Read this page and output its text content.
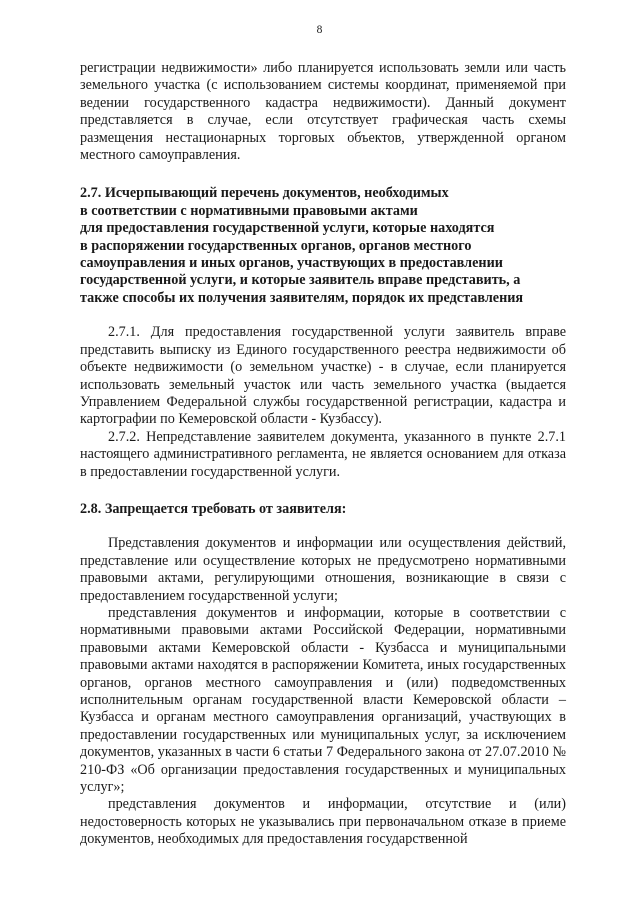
8

регистрации недвижимости» либо планируется использовать земли или часть земельного участка (с использованием системы координат, применяемой при ведении государственного кадастра недвижимости). Данный документ представляется в случае, если отсутствует графическая часть схемы размещения нестационарных торговых объектов, утвержденной органом местного самоуправления.

2.7. Исчерпывающий перечень документов, необходимых

в соответствии с нормативными правовыми актами

для предоставления государственной услуги, которые находятся

в распоряжении государственных органов, органов местного

самоуправления и иных органов, участвующих в предоставлении

государственной услуги, и которые заявитель вправе представить, а

также способы их получения заявителям, порядок их представления

2.7.1. Для предоставления государственной услуги заявитель вправе представить выписку из Единого государственного реестра недвижимости об объекте недвижимости (о земельном участке) - в случае, если планируется использовать земельный участок или часть земельного участка (выдается Управлением Федеральной службы государственной регистрации, кадастра и картографии по Кемеровской области - Кузбассу).

2.7.2. Непредставление заявителем документа, указанного в пункте 2.7.1 настоящего административного регламента, не является основанием для отказа в предоставлении государственной услуги.

2.8. Запрещается требовать от заявителя:

Представления документов и информации или осуществления действий, представление или осуществление которых не предусмотрено нормативными правовыми актами, регулирующими отношения, возникающие в связи с предоставлением государственной услуги;

представления документов и информации, которые в соответствии с нормативными правовыми актами Российской Федерации, нормативными правовыми актами Кемеровской области - Кузбасса и муниципальными правовыми актами находятся в распоряжении Комитета, иных государственных органов, органов местного самоуправления и (или) подведомственных исполнительным органам государственной власти Кемеровской области – Кузбасса и органам местного самоуправления организаций, участвующих в предоставлении государственных или муниципальных услуг, за исключением документов, указанных в части 6 статьи 7 Федерального закона от 27.07.2010 № 210-ФЗ «Об организации предоставления государственных и муниципальных услуг»;

представления документов и информации, отсутствие и (или) недостоверность которых не указывались при первоначальном отказе в приеме документов, необходимых для предоставления государственной
